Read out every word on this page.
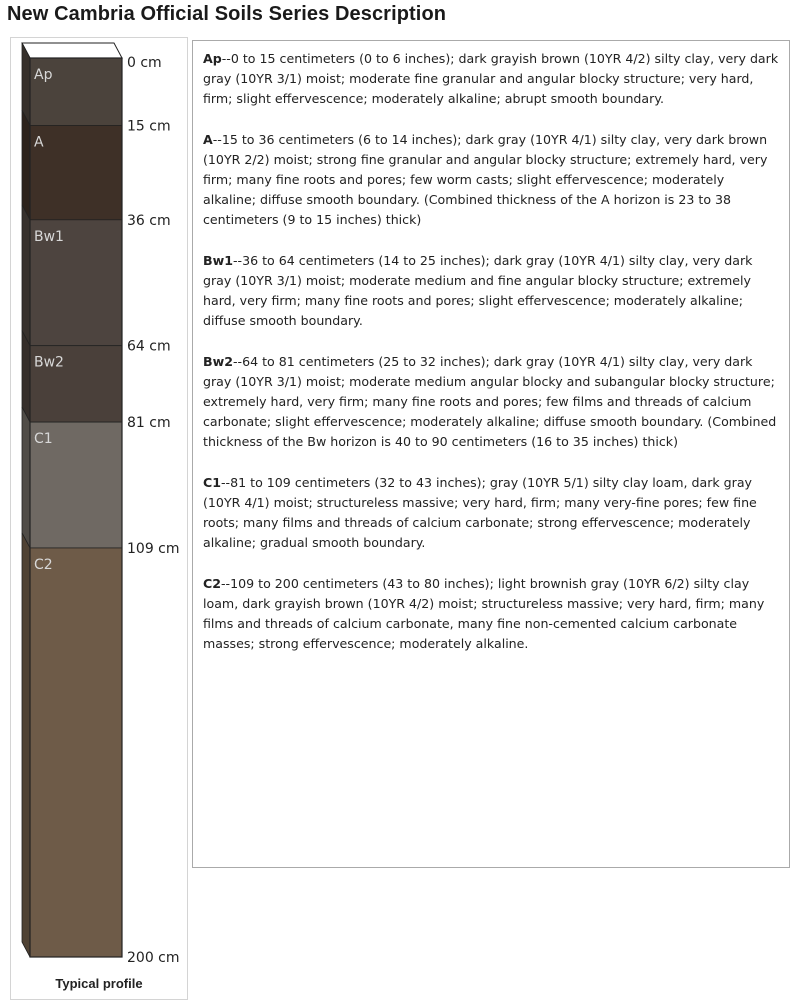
New Cambria Official Soils Series Description
Ap
A
Bw1
Bw2
C1
C2
0 cm
15 cm
36 cm
64 cm
81 cm
109 cm
200 cm
Typical profile

Ap--0 to 15 centimeters (0 to 6 inches); dark grayish brown (10YR 4/2) silty clay, very dark gray (10YR 3/1) moist; moderate fine granular and angular blocky structure; very hard, firm; slight effervescence; moderately alkaline; abrupt smooth boundary.

A--15 to 36 centimeters (6 to 14 inches); dark gray (10YR 4/1) silty clay, very dark brown (10YR 2/2) moist; strong fine granular and angular blocky structure; extremely hard, very firm; many fine roots and pores; few worm casts; slight effervescence; moderately alkaline; diffuse smooth boundary. (Combined thickness of the A horizon is 23 to 38 centimeters (9 to 15 inches) thick)

Bw1--36 to 64 centimeters (14 to 25 inches); dark gray (10YR 4/1) silty clay, very dark gray (10YR 3/1) moist; moderate medium and fine angular blocky structure; extremely hard, very firm; many fine roots and pores; slight effervescence; moderately alkaline; diffuse smooth boundary.

Bw2--64 to 81 centimeters (25 to 32 inches); dark gray (10YR 4/1) silty clay, very dark gray (10YR 3/1) moist; moderate medium angular blocky and subangular blocky structure; extremely hard, very firm; many fine roots and pores; few films and threads of calcium carbonate; slight effervescence; moderately alkaline; diffuse smooth boundary. (Combined thickness of the Bw horizon is 40 to 90 centimeters (16 to 35 inches) thick)

C1--81 to 109 centimeters (32 to 43 inches); gray (10YR 5/1) silty clay loam, dark gray (10YR 4/1) moist; structureless massive; very hard, firm; many very-fine pores; few fine roots; many films and threads of calcium carbonate; strong effervescence; moderately alkaline; gradual smooth boundary.

C2--109 to 200 centimeters (43 to 80 inches); light brownish gray (10YR 6/2) silty clay loam, dark grayish brown (10YR 4/2) moist; structureless massive; very hard, firm; many films and threads of calcium carbonate, many fine non-cemented calcium carbonate masses; strong effervescence; moderately alkaline.
